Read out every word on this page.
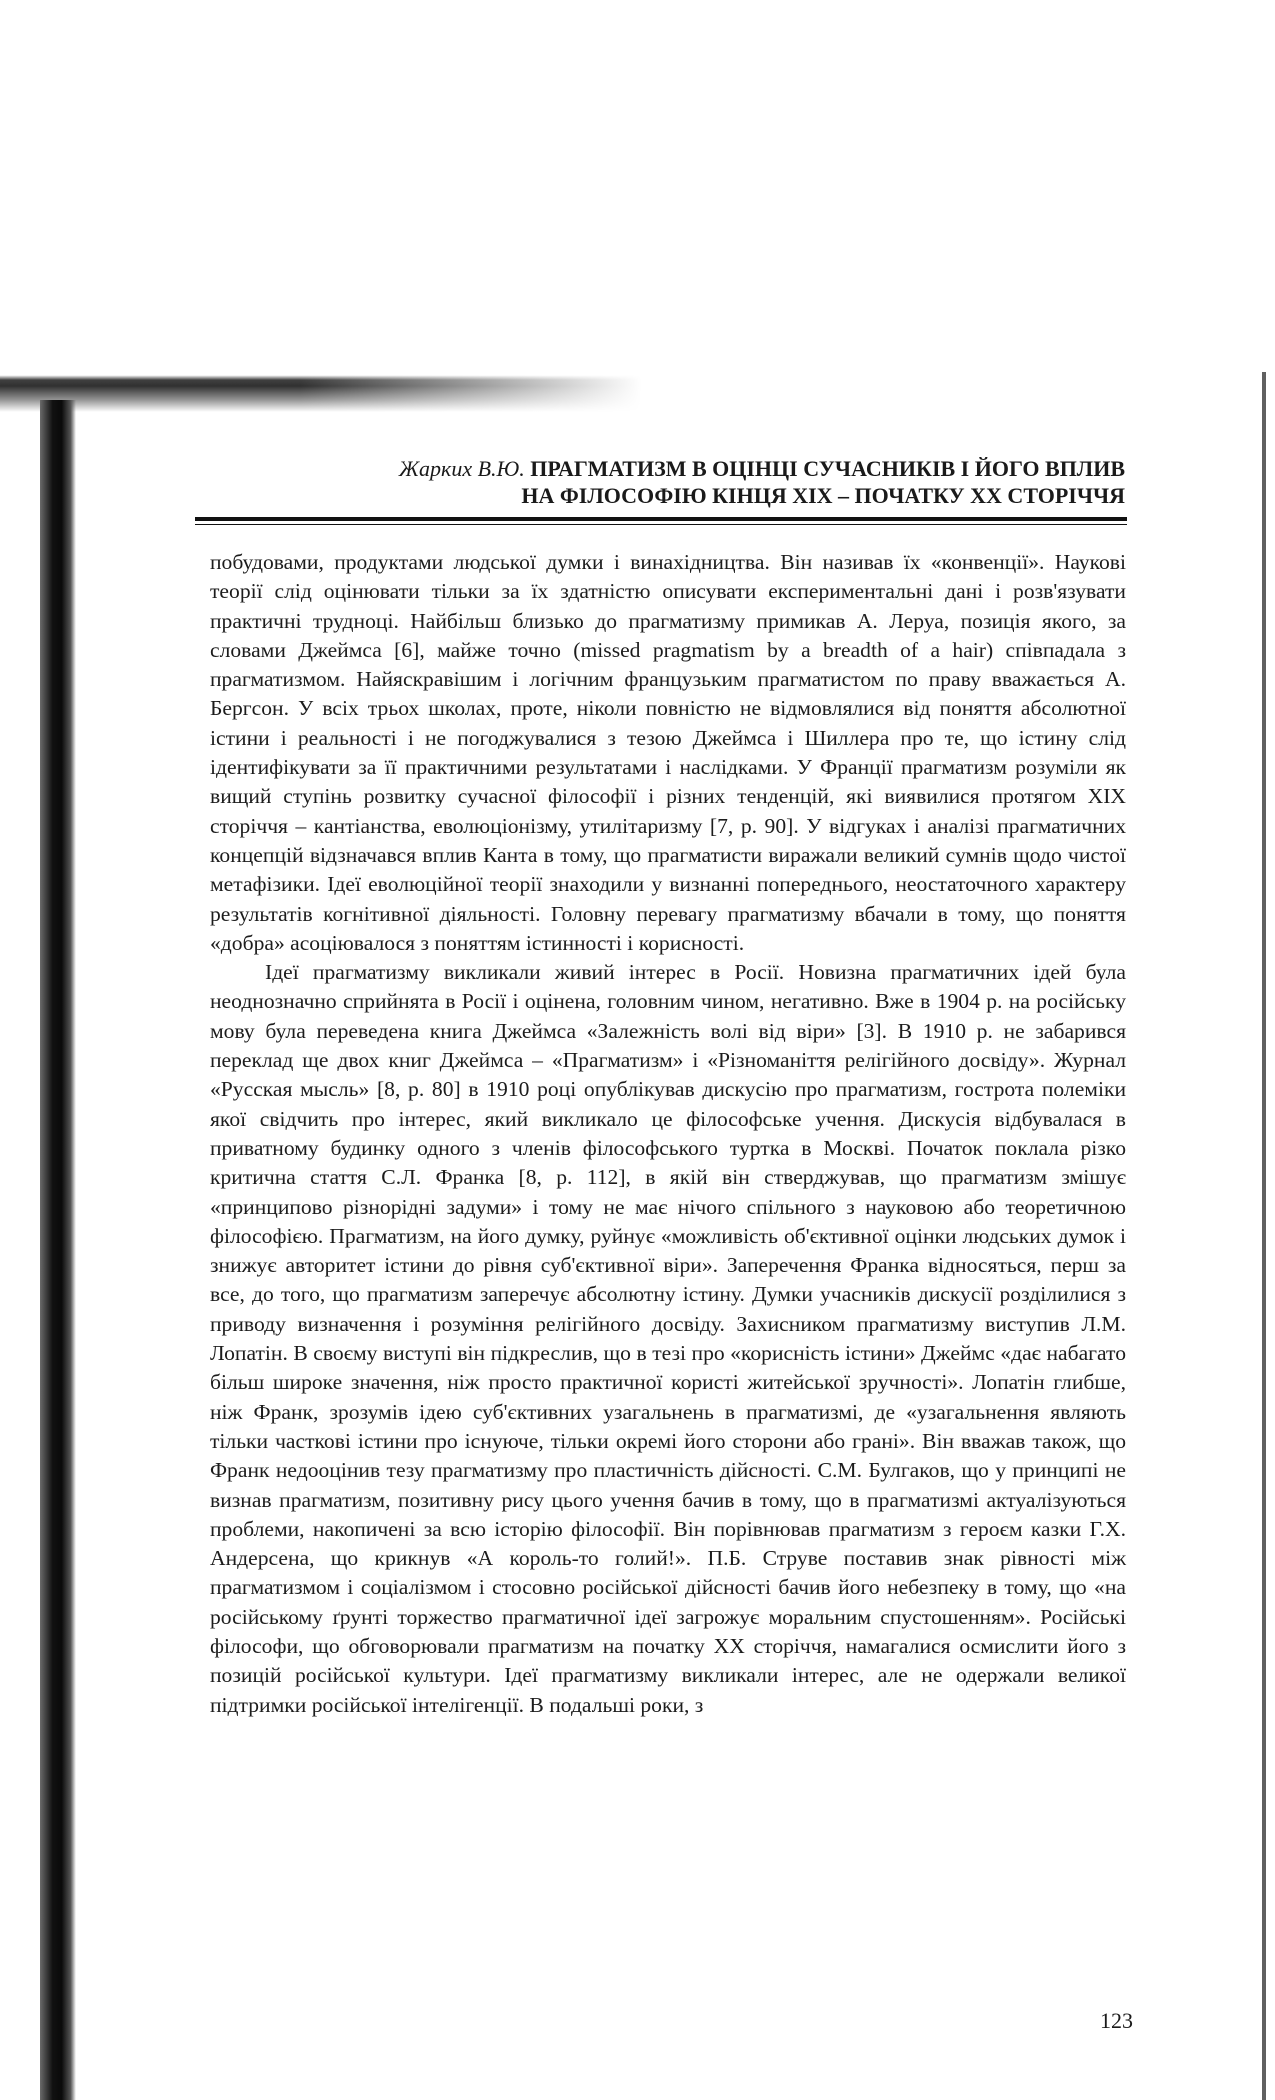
Жарких В.Ю. ПРАГМАТИЗМ В ОЦІНЦІ СУЧАСНИКІВ І ЙОГО ВПЛИВ
НА ФІЛОСОФІЮ КІНЦЯ XIX – ПОЧАТКУ XX СТОРІЧЧЯ

побудовами, продуктами людської думки і винахідництва. Він називав їх «конвенції». Наукові теорії слід оцінювати тільки за їх здатністю описувати експериментальні дані і розв'язувати практичні трудноці. Найбільш близько до прагматизму примикав А. Леруа, позиція якого, за словами Джеймса [6], майже точно (missed pragmatism by a breadth of a hair) співпадала з прагматизмом. Найяскравішим і логічним французьким прагматистом по праву вважається А. Бергсон. У всіх трьох школах, проте, ніколи повністю не відмовлялися від поняття абсолютної істини і реальності і не погоджувалися з тезою Джеймса і Шиллера про те, що істину слід ідентифікувати за її практичними результатами і наслідками. У Франції прагматизм розуміли як вищий ступінь розвитку сучасної філософії і різних тенденцій, які виявилися протягом XIX сторіччя – кантіанства, еволюціонізму, утилітаризму [7, p. 90]. У відгуках і аналізі прагматичних концепцій відзначався вплив Канта в тому, що прагматисти виражали великий сумнів щодо чистої метафізики. Ідеї еволюційної теорії знаходили у визнанні попереднього, неостаточного характеру результатів когнітивної діяльності. Головну перевагу прагматизму вбачали в тому, що поняття «добра» асоціювалося з поняттям істинності і корисності.

Ідеї прагматизму викликали живий інтерес в Росії. Новизна прагматичних ідей була неоднозначно сприйнята в Росії і оцінена, головним чином, негативно. Вже в 1904 р. на російську мову була переведена книга Джеймса «Залежність волі від віри» [3]. В 1910 р. не забарився переклад ще двох книг Джеймса – «Прагматизм» і «Різноманіття релігійного досвіду». Журнал «Русская мысль» [8, p. 80] в 1910 році опублікував дискусію про прагматизм, гострота полеміки якої свідчить про інтерес, який викликало це філософське учення. Дискусія відбувалася в приватному будинку одного з членів філософського туртка в Москві. Початок поклала різко критична стаття С.Л. Франка [8, p. 112], в якій він стверджував, що прагматизм змішує «принципово різнорідні задуми» і тому не має нічого спільного з науковою або теоретичною філософією. Прагматизм, на його думку, руйнує «можливість об'єктивної оцінки людських думок і знижує авторитет істини до рівня суб'єктивної віри». Заперечення Франка відносяться, перш за все, до того, що прагматизм заперечує абсолютну істину. Думки учасників дискусії розділилися з приводу визначення і розуміння релігійного досвіду. Захисником прагматизму виступив Л.М. Лопатін. В своєму виступі він підкреслив, що в тезі про «корисність істини» Джеймс «дає набагато більш широке значення, ніж просто практичної користі житейської зручності». Лопатін глибше, ніж Франк, зрозумів ідею суб'єктивних узагальнень в прагматизмі, де «узагальнення являють тільки часткові істини про існуюче, тільки окремі його сторони або грані». Він вважав також, що Франк недооцінив тезу прагматизму про пластичність дійсності. С.М. Булгаков, що у принципі не визнав прагматизм, позитивну рису цього учення бачив в тому, що в прагматизмі актуалізуються проблеми, накопичені за всю історію філософії. Він порівнював прагматизм з героєм казки Г.Х. Андерсена, що крикнув «А король-то голий!». П.Б. Струве поставив знак рівності між прагматизмом і соціалізмом і стосовно російської дійсності бачив його небезпеку в тому, що «на російському ґрунті торжество прагматичної ідеї загрожує моральним спустошенням». Російські філософи, що обговорювали прагматизм на початку XX сторіччя, намагалися осмислити його з позицій російської культури. Ідеї прагматизму викликали інтерес, але не одержали великої підтримки російської інтелігенції. В подальші роки, з

123
